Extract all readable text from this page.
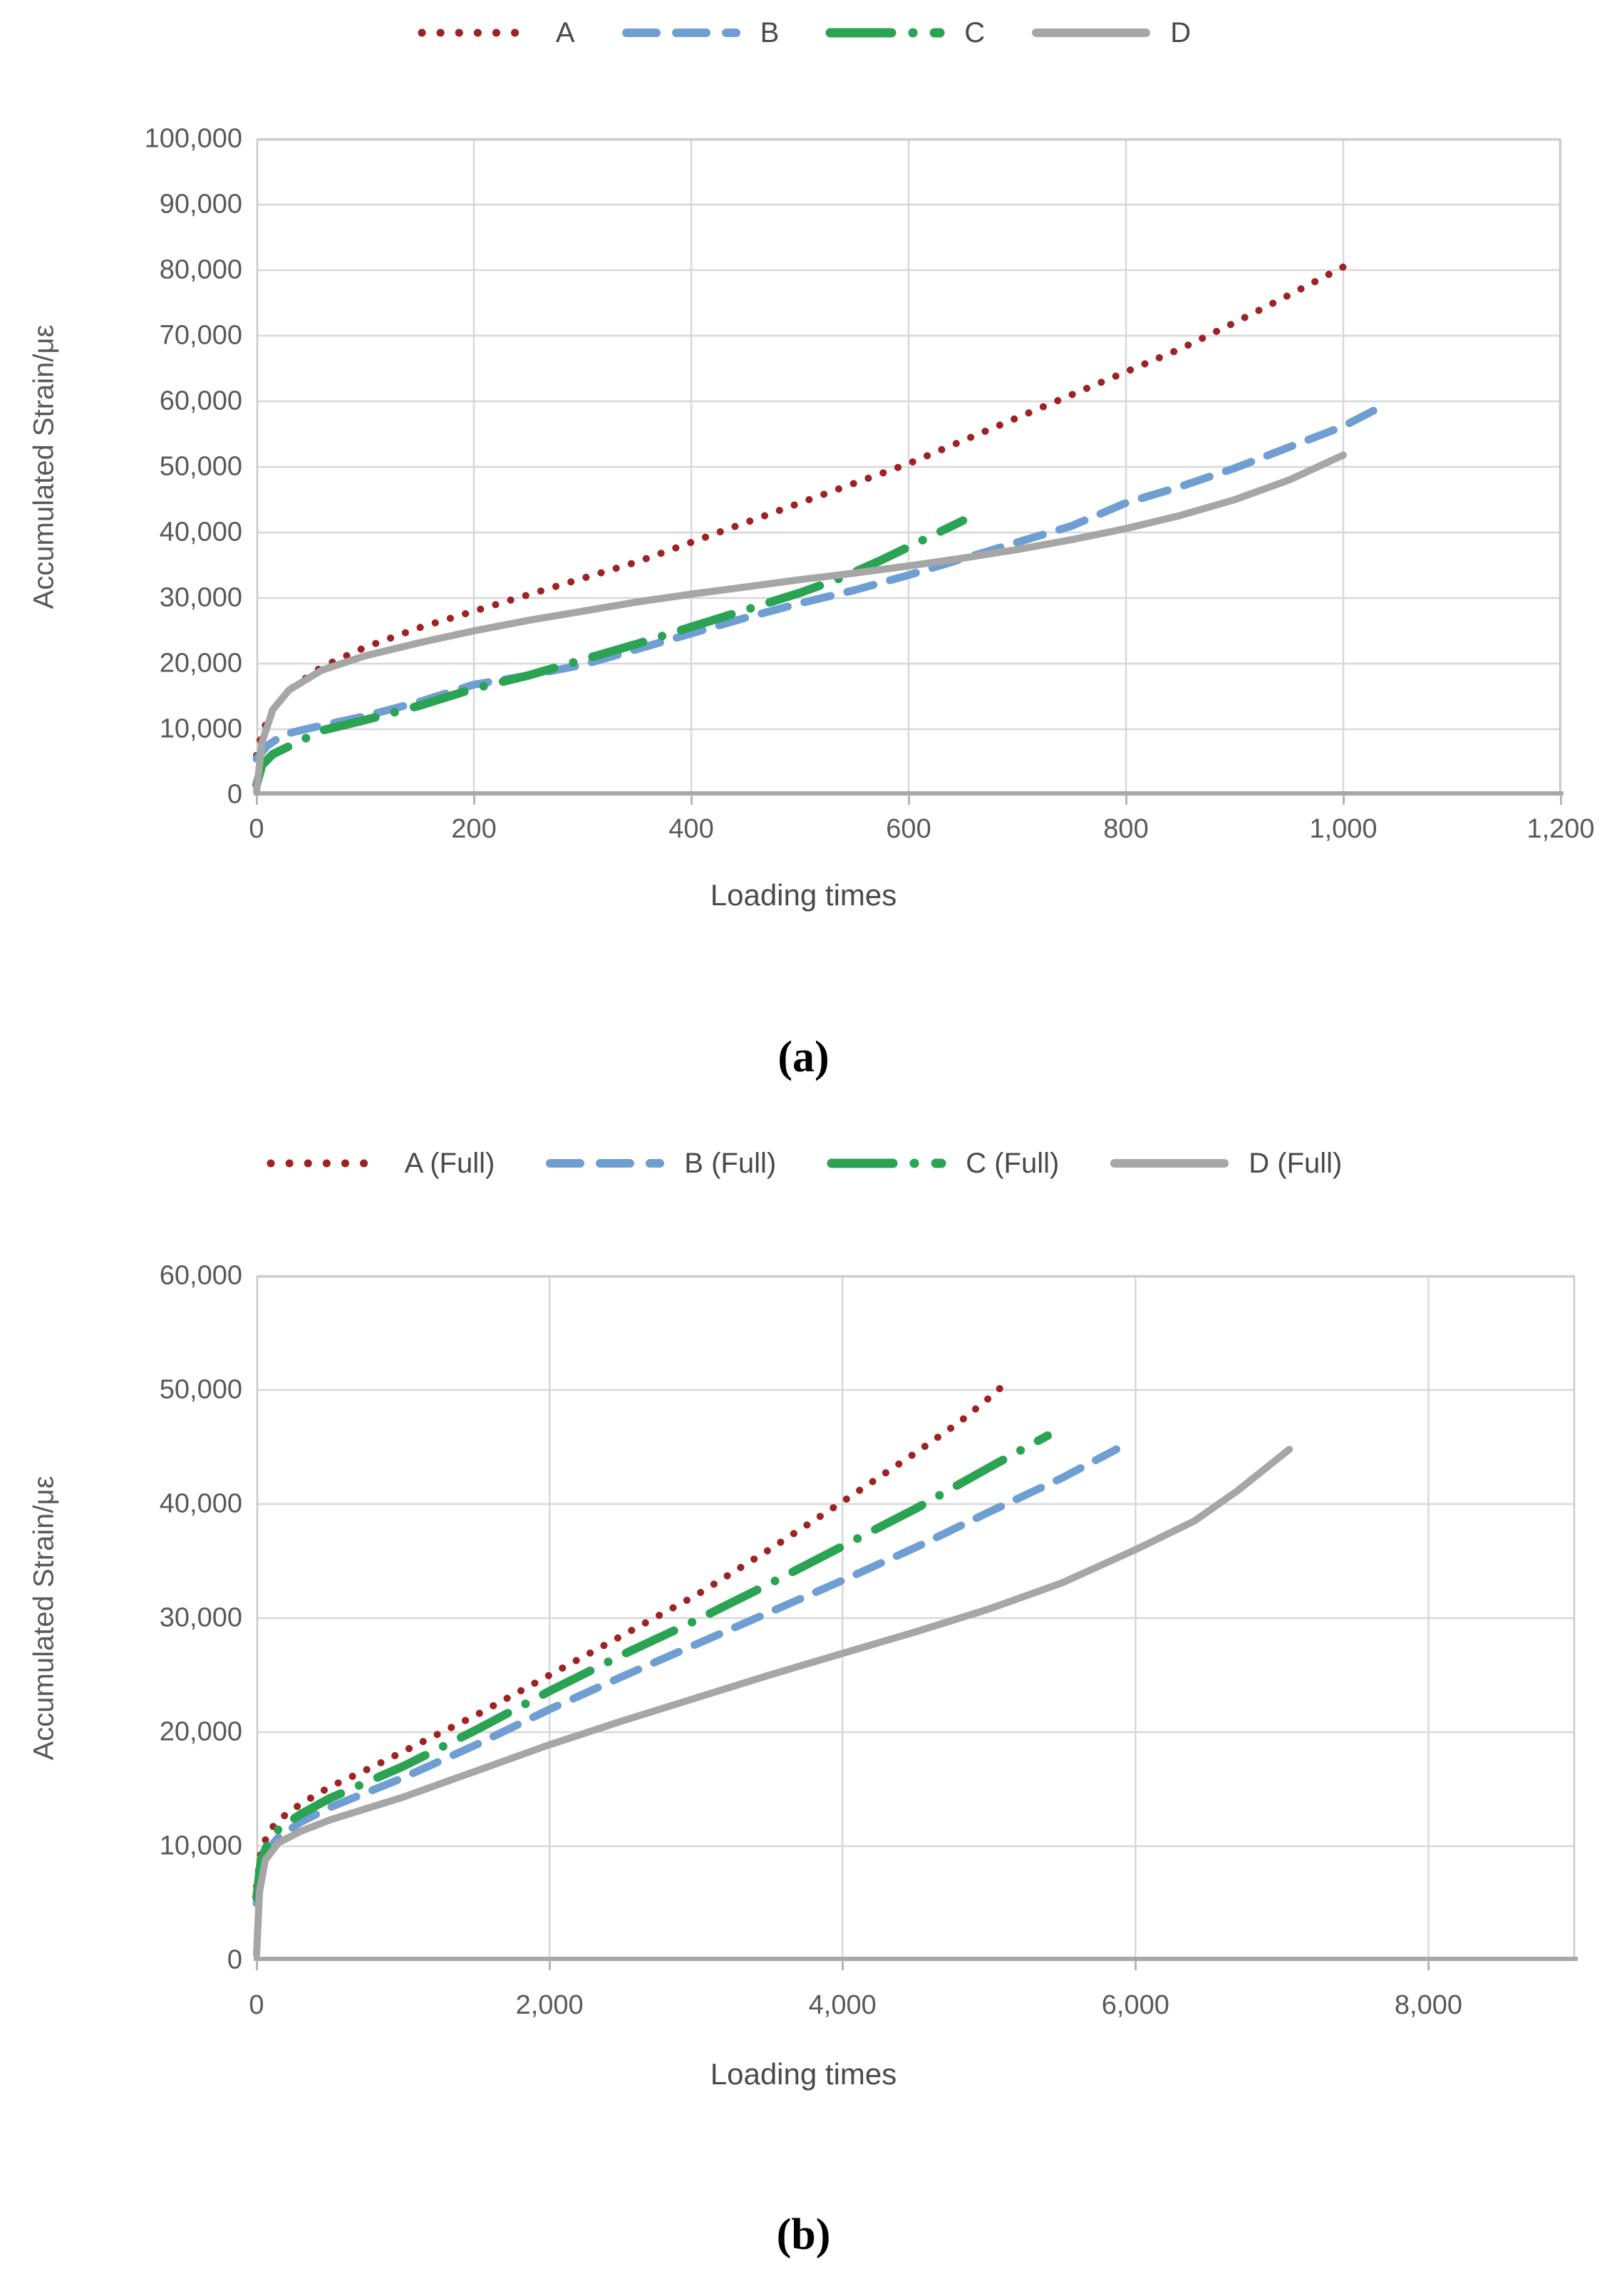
A	B	C	D
Accumulated Strain/με
100,000
90,000
80,000
70,000
60,000
50,000
40,000
30,000
20,000
10,000
0
0	200	400	600	800	1,000	1,200
Loading times
(a)
A (Full)	B (Full)	C (Full)	D (Full)
Accumulated Strain/με
60,000
50,000
40,000
30,000
20,000
10,000
0
0	2,000	4,000	6,000	8,000
Loading times
(b)
